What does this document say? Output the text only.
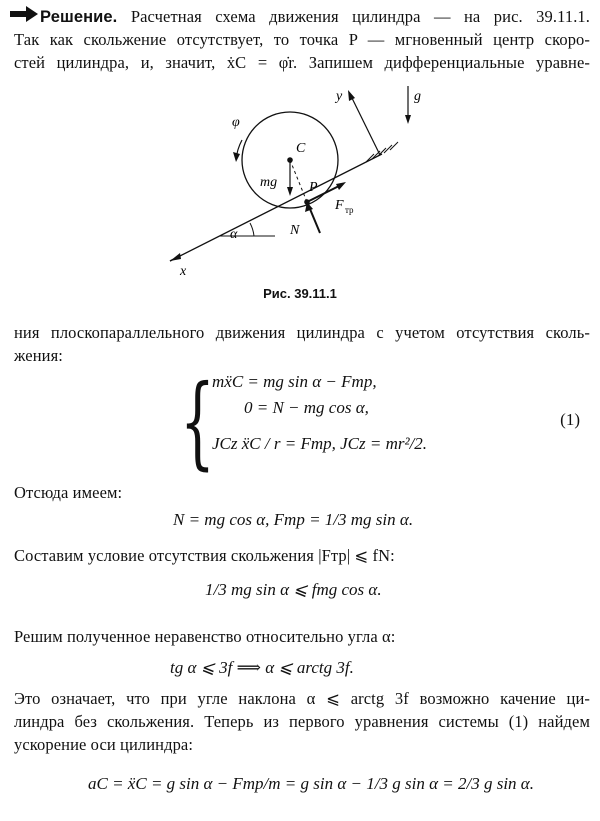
Решение. Расчетная схема движения цилиндра — на рис. 39.11.1.
Так как скольжение отсутствует, то точка P — мгновенный центр скоро-
стей цилиндра, и, значит, ẋC = φ̇r. Запишем дифференциальные уравне-
α
x
C
φ
mg P
F тр
N
y	g
Рис. 39.11.1
ния плоскопараллельного движения цилиндра с учетом отсутствия сколь-
жения:
{
mẍC = mg sin α − Fтр,
0 = N − mg cos α,
JCz ẍC / r = Fтр, JCz = mr²/2.
(1)
Отсюда имеем:
N = mg cos α, Fтр = 1/3 mg sin α.
Составим условие отсутствия скольжения |Fтр| ⩽ fN:
1/3 mg sin α ⩽ fmg cos α.
Решим полученное неравенство относительно угла α:
tg α ⩽ 3f ⟹ α ⩽ arctg 3f.
Это означает, что при угле наклона α ⩽ arctg 3f возможно качение ци-
линдра без скольжения. Теперь из первого уравнения системы (1) найдем
ускорение оси цилиндра:
aC = ẍC = g sin α − Fтр/m = g sin α − 1/3 g sin α = 2/3 g sin α.
